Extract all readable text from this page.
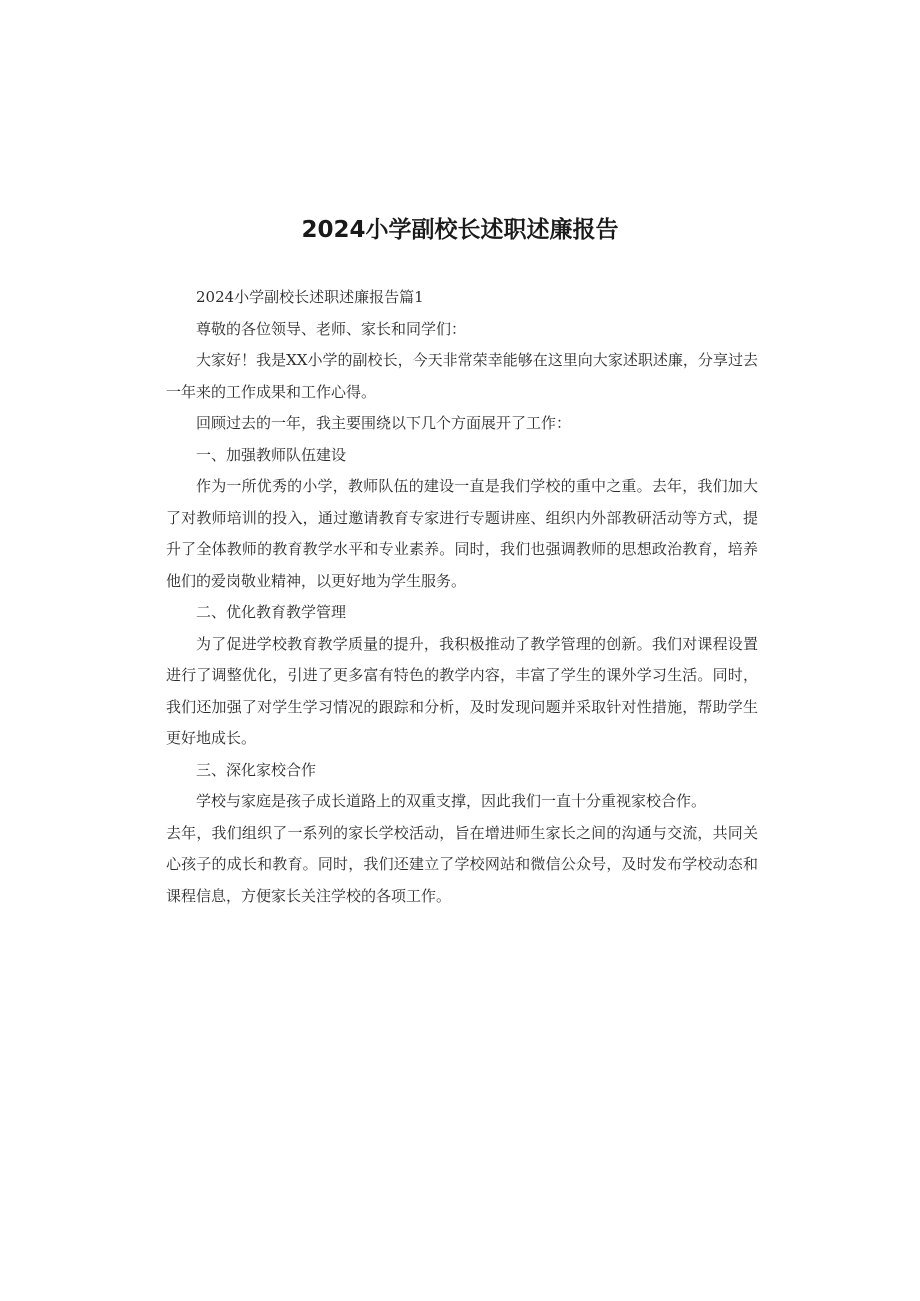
2024小学副校长述职述廉报告

2024小学副校长述职述廉报告篇1

尊敬的各位领导、老师、家长和同学们：

大家好！我是XX小学的副校长，今天非常荣幸能够在这里向大家述职述廉，分享过去一年来的工作成果和工作心得。

回顾过去的一年，我主要围绕以下几个方面展开了工作：

一、加强教师队伍建设

作为一所优秀的小学，教师队伍的建设一直是我们学校的重中之重。去年，我们加大了对教师培训的投入，通过邀请教育专家进行专题讲座、组织内外部教研活动等方式，提升了全体教师的教育教学水平和专业素养。同时，我们也强调教师的思想政治教育，培养他们的爱岗敬业精神，以更好地为学生服务。

二、优化教育教学管理

为了促进学校教育教学质量的提升，我积极推动了教学管理的创新。我们对课程设置进行了调整优化，引进了更多富有特色的教学内容，丰富了学生的课外学习生活。同时，我们还加强了对学生学习情况的跟踪和分析，及时发现问题并采取针对性措施，帮助学生更好地成长。

三、深化家校合作

学校与家庭是孩子成长道路上的双重支撑，因此我们一直十分重视家校合作。

去年，我们组织了一系列的家长学校活动，旨在增进师生家长之间的沟通与交流，共同关心孩子的成长和教育。同时，我们还建立了学校网站和微信公众号，及时发布学校动态和课程信息，方便家长关注学校的各项工作。
